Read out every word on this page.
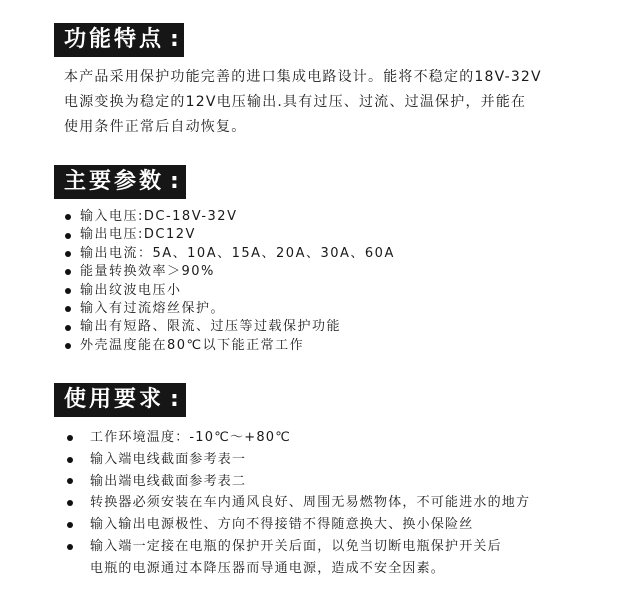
功能特点 :
本产品采用保护功能完善的进口集成电路设计。能将不稳定的18V-32V
电源变换为稳定的12V电压输出.具有过压、过流、过温保护，并能在
使用条件正常后自动恢复。
主要参数 :
输入电压:DC-18V-32V
输出电压:DC12V
输出电流：5A、10A、15A、20A、30A、60A
能量转换效率＞90%
输出纹波电压小
输入有过流熔丝保护。
输出有短路、限流、过压等过载保护功能
外壳温度能在80℃以下能正常工作
使用要求 :
工作环境温度：-10℃～+80℃
输入端电线截面参考表一
输出端电线截面参考表二
转换器必须安装在车内通风良好、周围无易燃物体，不可能进水的地方
输入输出电源极性、方向不得接错不得随意换大、换小保险丝
输入端一定接在电瓶的保护开关后面，以免当切断电瓶保护开关后
电瓶的电源通过本降压器而导通电源，造成不安全因素。
